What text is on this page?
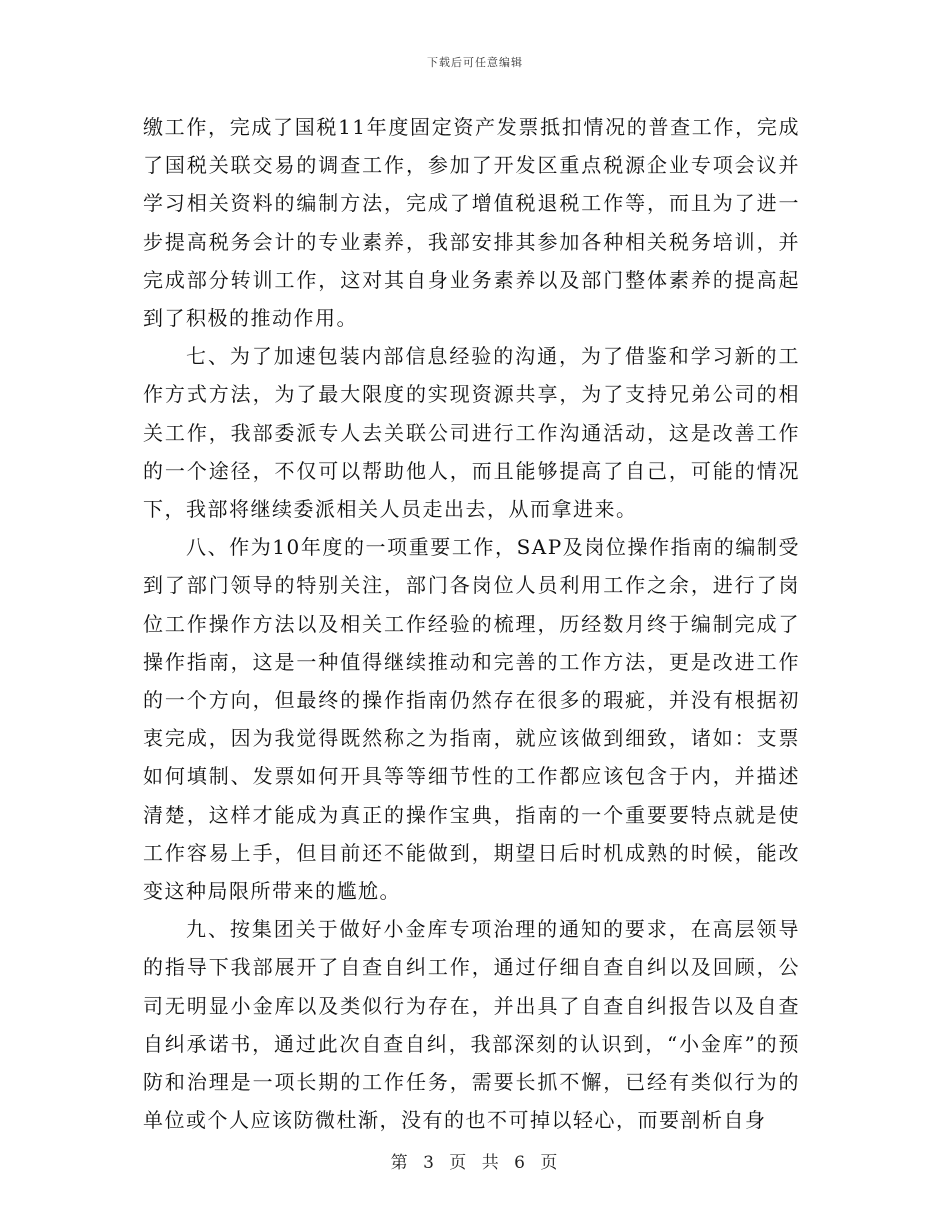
下载后可任意编辑

缴工作，完成了国税11年度固定资产发票抵扣情况的普查工作，完成了国税关联交易的调查工作，参加了开发区重点税源企业专项会议并学习相关资料的编制方法，完成了增值税退税工作等，而且为了进一步提高税务会计的专业素养，我部安排其参加各种相关税务培训，并完成部分转训工作，这对其自身业务素养以及部门整体素养的提高起到了积极的推动作用。

七、为了加速包装内部信息经验的沟通，为了借鉴和学习新的工作方式方法，为了最大限度的实现资源共享，为了支持兄弟公司的相关工作，我部委派专人去关联公司进行工作沟通活动，这是改善工作的一个途径，不仅可以帮助他人，而且能够提高了自己，可能的情况下，我部将继续委派相关人员走出去，从而拿进来。

八、作为10年度的一项重要工作，SAP及岗位操作指南的编制受到了部门领导的特别关注，部门各岗位人员利用工作之余，进行了岗位工作操作方法以及相关工作经验的梳理，历经数月终于编制完成了操作指南，这是一种值得继续推动和完善的工作方法，更是改进工作的一个方向，但最终的操作指南仍然存在很多的瑕疵，并没有根据初衷完成，因为我觉得既然称之为指南，就应该做到细致，诸如：支票如何填制、发票如何开具等等细节性的工作都应该包含于内，并描述清楚，这样才能成为真正的操作宝典，指南的一个重要要特点就是使工作容易上手，但目前还不能做到，期望日后时机成熟的时候，能改变这种局限所带来的尴尬。

九、按集团关于做好小金库专项治理的通知的要求，在高层领导的指导下我部展开了自查自纠工作，通过仔细自查自纠以及回顾，公司无明显小金库以及类似行为存在，并出具了自查自纠报告以及自查自纠承诺书，通过此次自查自纠，我部深刻的认识到，“小金库”的预防和治理是一项长期的工作任务，需要长抓不懈，已经有类似行为的单位或个人应该防微杜渐，没有的也不可掉以轻心，而要剖析自身

第 3 页 共 6 页
